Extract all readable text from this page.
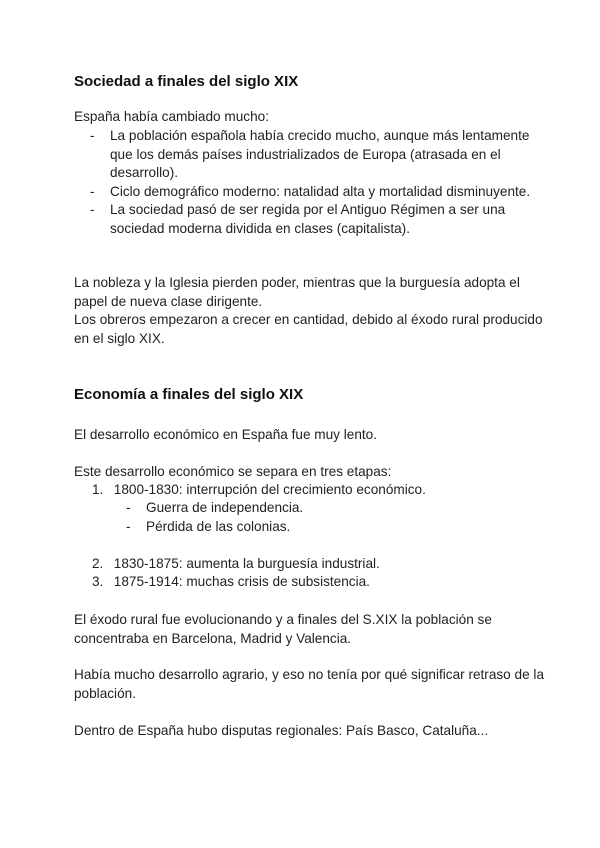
Sociedad a finales del siglo XIX

España había cambiado mucho:

- La población española había crecido mucho, aunque más lentamente que los demás países industrializados de Europa (atrasada en el desarrollo).
- Ciclo demográfico moderno: natalidad alta y mortalidad disminuyente.
- La sociedad pasó de ser regida por el Antiguo Régimen a ser una sociedad moderna dividida en clases (capitalista).

La nobleza y la Iglesia pierden poder, mientras que la burguesía adopta el papel de nueva clase dirigente.

Los obreros empezaron a crecer en cantidad, debido al éxodo rural producido en el siglo XIX.

Economía a finales del siglo XIX

El desarrollo económico en España fue muy lento.

Este desarrollo económico se separa en tres etapas:

1. 1800-1830: interrupción del crecimiento económico.
- Guerra de independencia.
- Pérdida de las colonias.
2. 1830-1875: aumenta la burguesía industrial.
3. 1875-1914: muchas crisis de subsistencia.

El éxodo rural fue evolucionando y a finales del S.XIX la población se concentraba en Barcelona, Madrid y Valencia.

Había mucho desarrollo agrario, y eso no tenía por qué significar retraso de la población.

Dentro de España hubo disputas regionales: País Basco, Cataluña...
